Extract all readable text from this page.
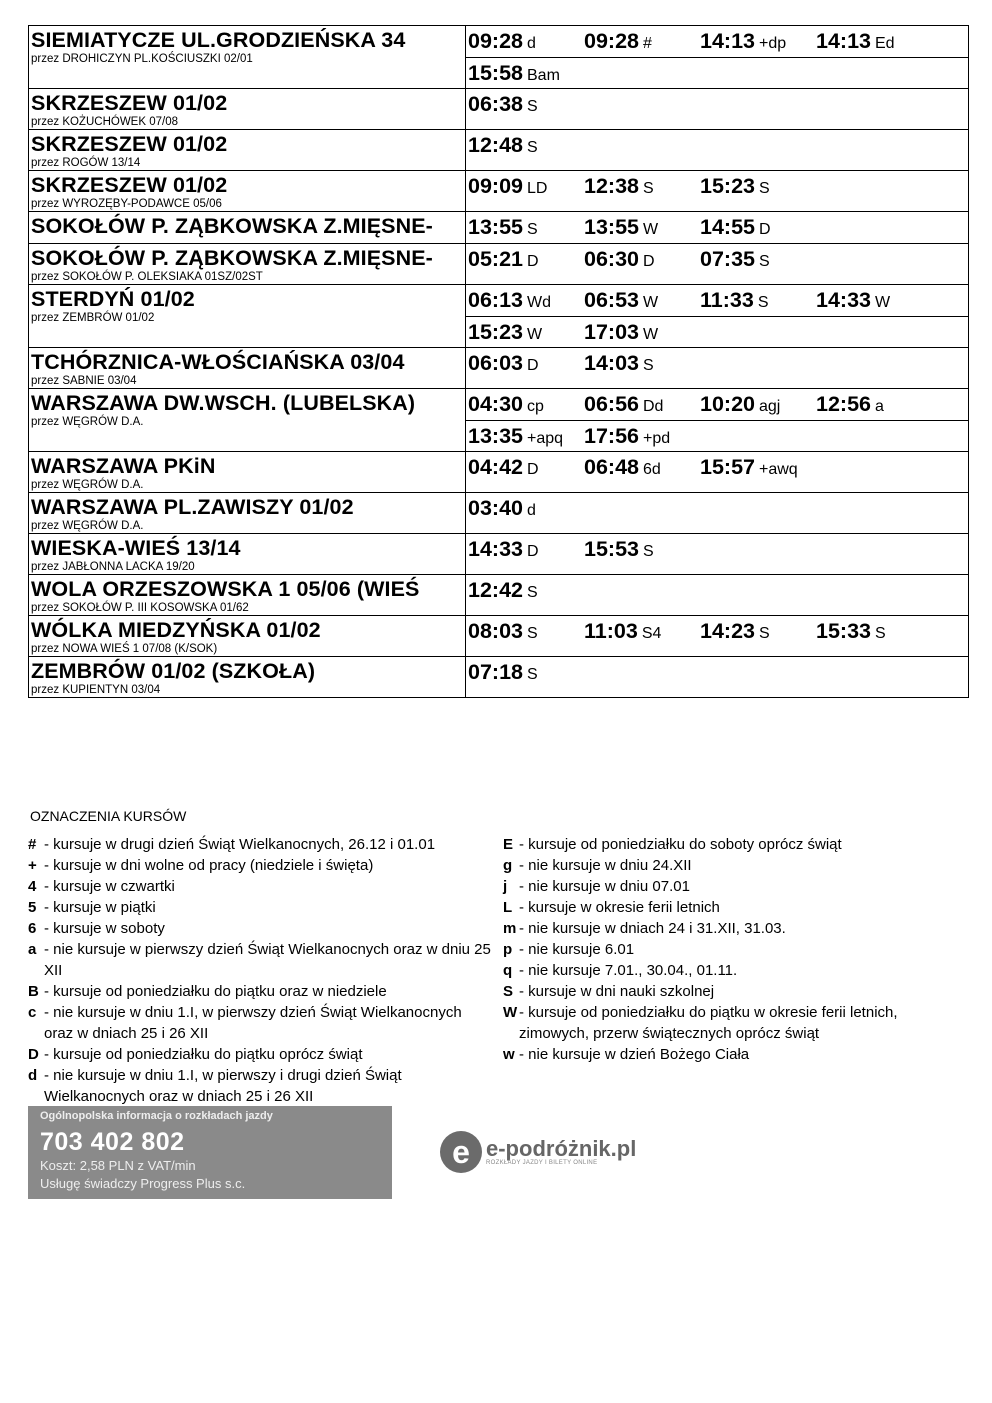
SIEMIATYCZE UL.GRODZIEŃSKA 34
przez DROHICZYN PL.KOŚCIUSZKI 02/01
09:28 d	09:28 #	14:13 +dp	14:13 Ed
15:58 Bam
SKRZESZEW 01/02
przez KOŻUCHÓWEK 07/08
06:38 S
SKRZESZEW 01/02
przez ROGÓW 13/14
12:48 S
SKRZESZEW 01/02
przez WYROZĘBY-PODAWCE 05/06
09:09 LD	12:38 S	15:23 S
SOKOŁÓW P. ZĄBKOWSKA Z.MIĘSNE-	13:55 S	13:55 W	14:55 D
SOKOŁÓW P. ZĄBKOWSKA Z.MIĘSNE-
przez SOKOŁÓW P. OLEKSIAKA 01SZ/02ST
05:21 D	06:30 D	07:35 S
STERDYŃ 01/02
przez ZEMBRÓW 01/02
06:13 Wd	06:53 W	11:33 S	14:33 W
15:23 W	17:03 W
TCHÓRZNICA-WŁOŚCIAŃSKA 03/04
przez SABNIE 03/04
06:03 D	14:03 S
WARSZAWA DW.WSCH. (LUBELSKA)
przez WĘGRÓW D.A.
04:30 cp	06:56 Dd	10:20 agj	12:56 a
13:35 +apq 17:56 +pd
WARSZAWA PKiN
przez WĘGRÓW D.A.
04:42 D	06:48 6d	15:57 +awq
WARSZAWA PL.ZAWISZY 01/02
przez WĘGRÓW D.A.
03:40 d
WIESKA-WIEŚ 13/14
przez JABŁONNA LACKA 19/20
14:33 D	15:53 S
WOLA ORZESZOWSKA 1 05/06 (WIEŚ
przez SOKOŁÓW P. III KOSOWSKA 01/62
12:42 S
WÓLKA MIEDZYŃSKA 01/02
przez NOWA WIEŚ 1 07/08 (K/SOK)
08:03 S	11:03 S4	14:23 S	15:33 S
ZEMBRÓW 01/02 (SZKOŁA)
przez KUPIENTYN 03/04
07:18 S
OZNACZENIA KURSÓW
# - kursuje w drugi dzień Świąt Wielkanocnych, 26.12 i 01.01
+ - kursuje w dni wolne od pracy (niedziele i święta)
4 - kursuje w czwartki
5 - kursuje w piątki
6 - kursuje w soboty
a - nie kursuje w pierwszy dzień Świąt Wielkanocnych oraz w dniu 25 XII
B - kursuje od poniedziałku do piątku oraz w niedziele
c - nie kursuje w dniu 1.I, w pierwszy dzień Świąt Wielkanocnych oraz w dniach 25 i 26 XII
D - kursuje od poniedziałku do piątku oprócz świąt
d - nie kursuje w dniu 1.I, w pierwszy i drugi dzień Świąt Wielkanocnych oraz w dniach 25 i 26 XII
E - kursuje od poniedziałku do soboty oprócz świąt
g - nie kursuje w dniu 24.XII
j - nie kursuje w dniu 07.01
L - kursuje w okresie ferii letnich
m - nie kursuje w dniach 24 i 31.XII, 31.03.
p - nie kursuje 6.01
q - nie kursuje 7.01., 30.04., 01.11.
S - kursuje w dni nauki szkolnej
W - kursuje od poniedziałku do piątku w okresie ferii letnich, zimowych, przerw świątecznych oprócz świąt
w - nie kursuje w dzień Bożego Ciała
Ogólnopolska informacja o rozkładach jazdy
703 402 802
Koszt: 2,58 PLN z VAT/min
Usługę świadczy Progress Plus s.c.
e e-podróżnik.pl
ROZKŁADY JAZDY I BILETY ONLINE
